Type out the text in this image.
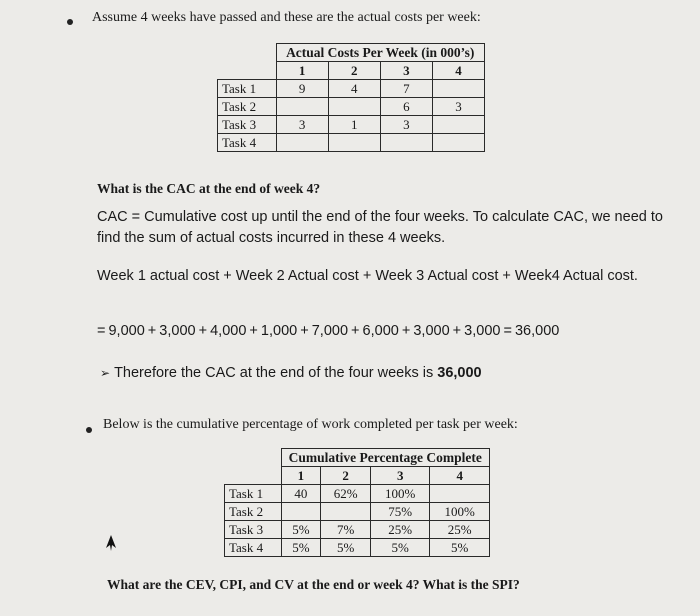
Assume 4 weeks have passed and these are the actual costs per week:
	Actual Costs Per Week (in 000’s)			
	1	2	3	4
Task 1	9	4	7	
Task 2			6	3
Task 3	3	1	3	
Task 4				
What is the CAC at the end of week 4?
CAC = Cumulative cost up until the end of the four weeks. To calculate CAC, we need to find the sum of actual costs incurred in these 4 weeks.
Week 1 actual cost + Week 2 Actual cost + Week 3 Actual cost + Week4 Actual cost.
= 9,000 + 3,000 + 4,000 + 1,000 + 7,000 + 6,000 + 3,000 + 3,000 = 36,000
➢ Therefore the CAC at the end of the four weeks is 36,000
Below is the cumulative percentage of work completed per task per week:
	Cumulative Percentage Complete			
	1	2	3	4
Task 1	40	62%	100%	
Task 2			75%	100%
Task 3	5%	7%	25%	25%
Task 4	5%	5%	5%	5%
What are the CEV, CPI, and CV at the end or week 4? What is the SPI?
